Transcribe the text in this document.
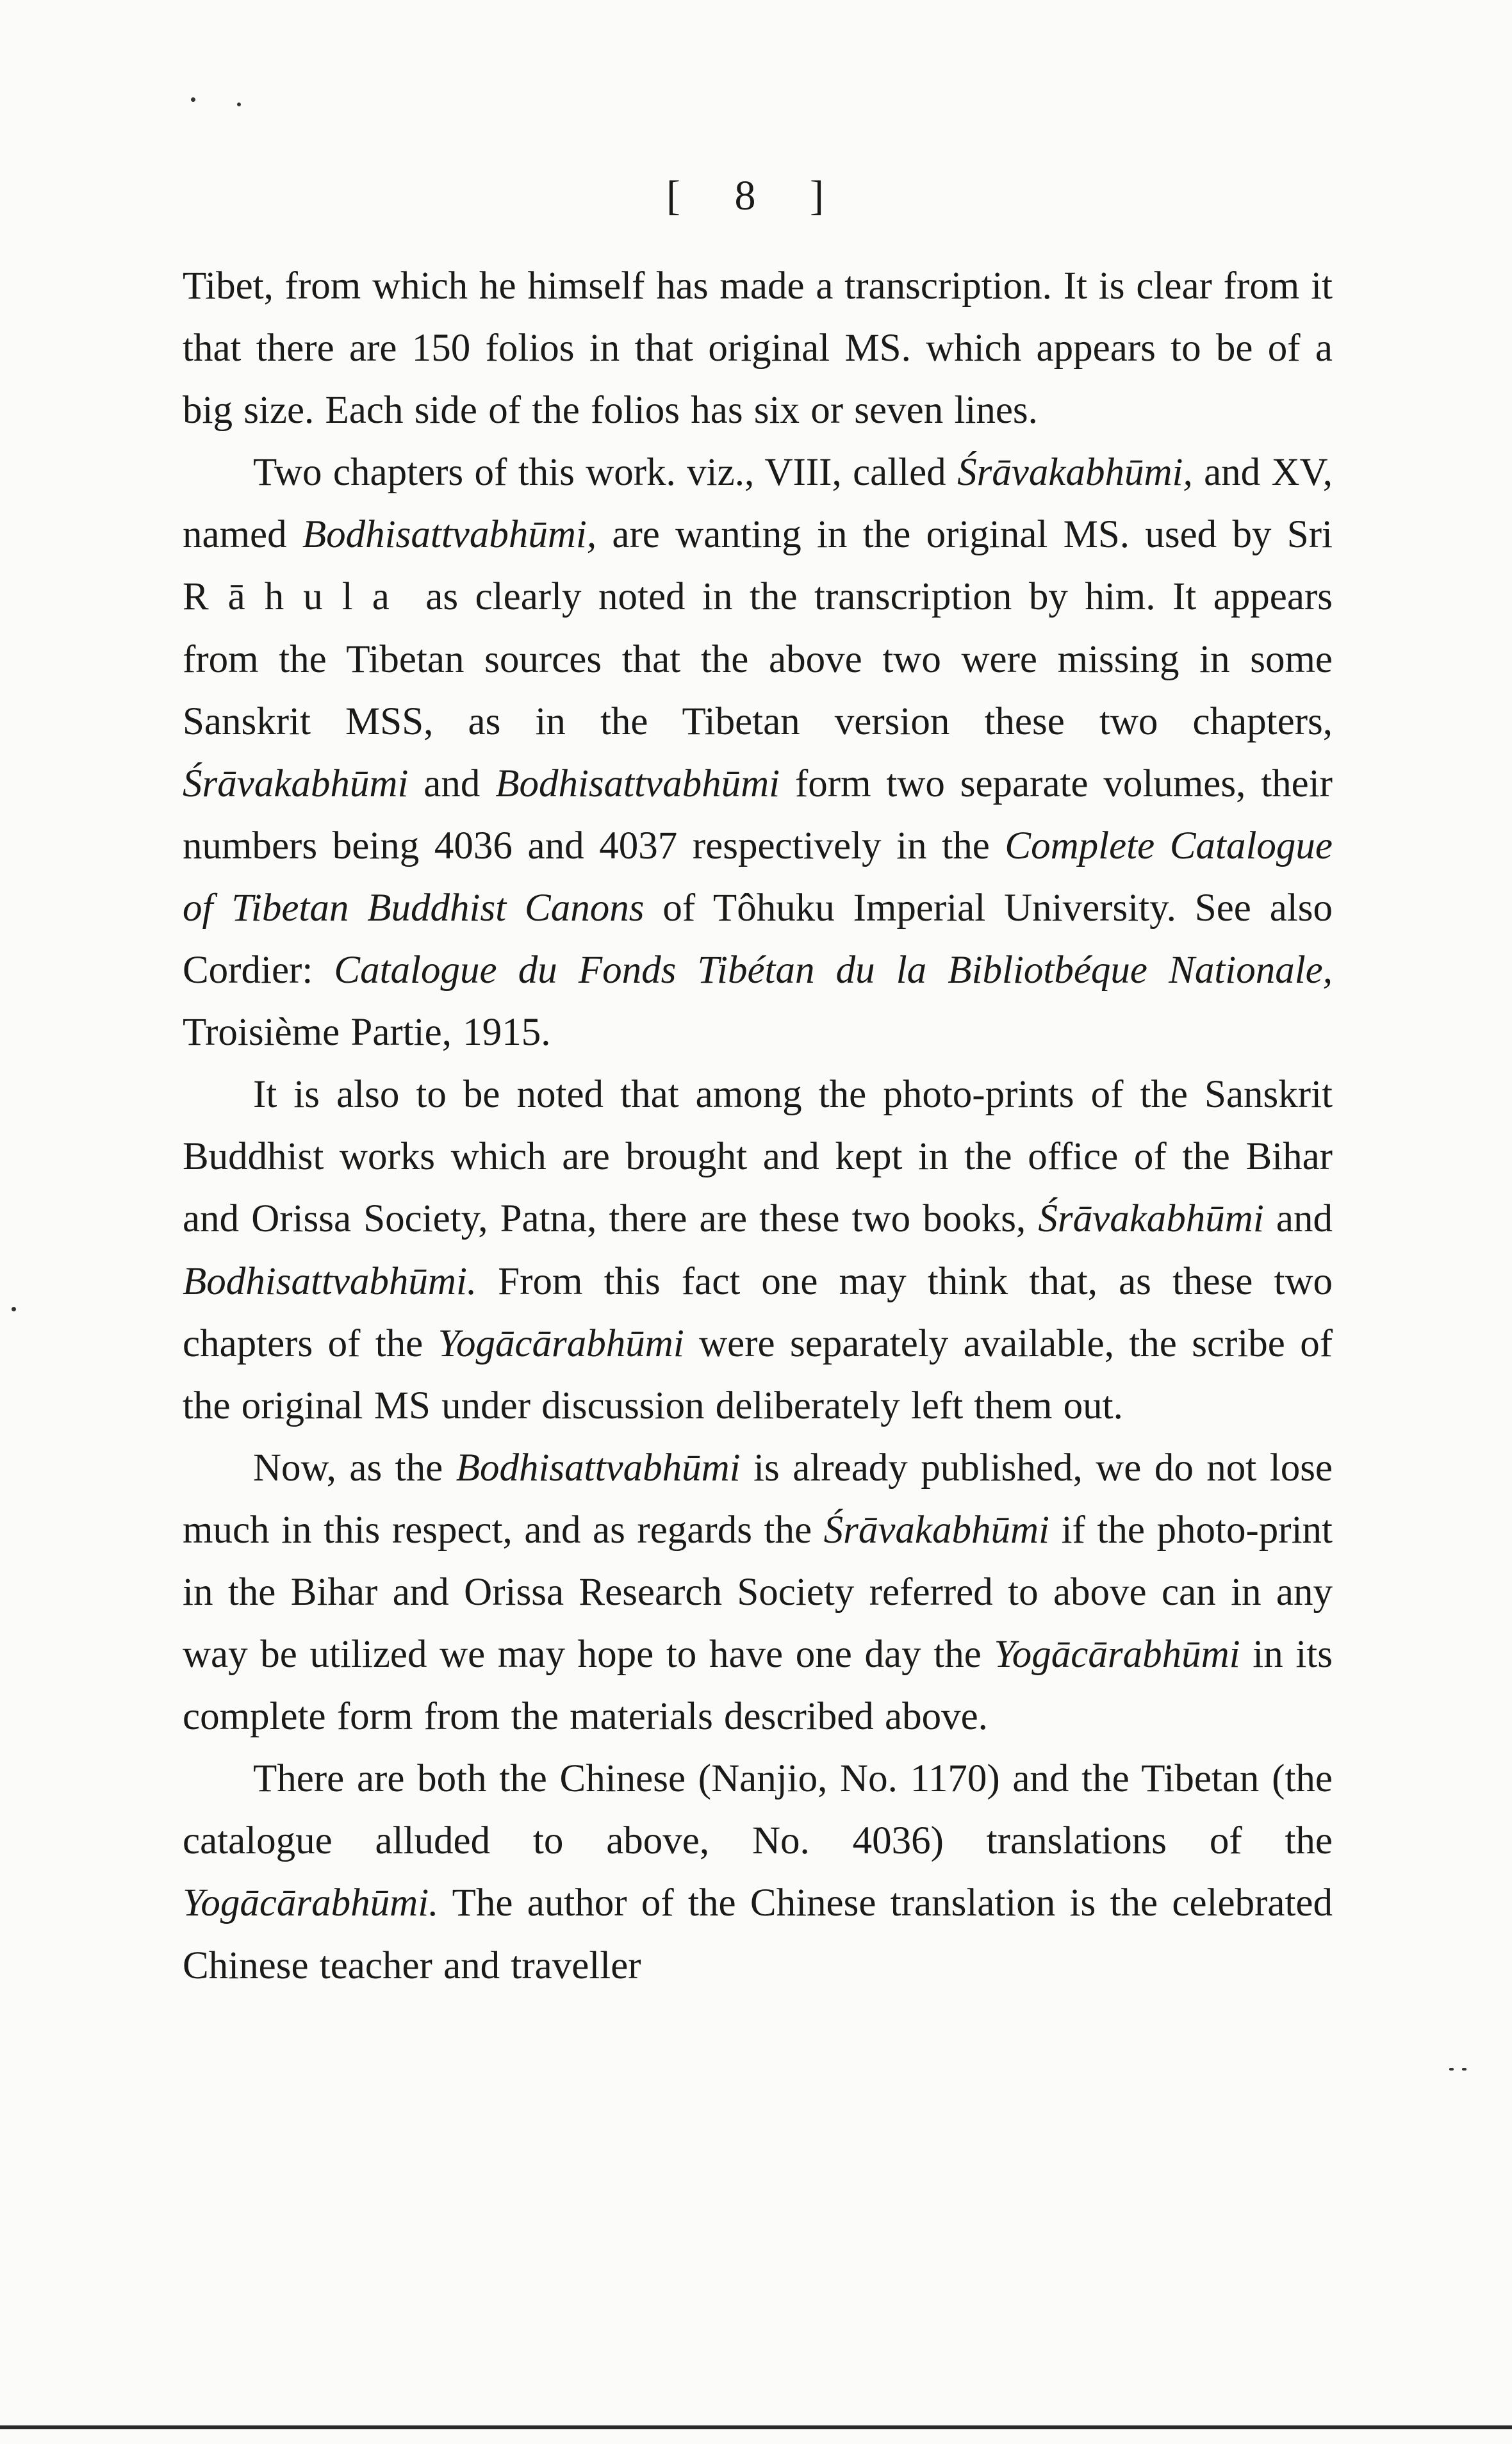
[ 8 ]

Tibet, from which he himself has made a transcription. It is clear from it that there are 150 folios in that original MS. which appears to be of a big size. Each side of the folios has six or seven lines.

Two chapters of this work. viz., VIII, called Śrāvakabhūmi, and XV, named Bodhisattvabhūmi, are wanting in the original MS. used by Sri Rāhula as clearly noted in the transcription by him. It appears from the Tibetan sources that the above two were missing in some Sanskrit MSS, as in the Tibetan version these two chapters, Śrāvakabhūmi and Bodhisattvabhūmi form two separate volumes, their numbers being 4036 and 4037 respectively in the Complete Catalogue of Tibetan Buddhist Canons of Tôhuku Imperial University. See also Cordier: Catalogue du Fonds Tibétan du la Bibliotbéque Nationale, Troisième Partie, 1915.

It is also to be noted that among the photo-prints of the Sanskrit Buddhist works which are brought and kept in the office of the Bihar and Orissa Society, Patna, there are these two books, Śrāvakabhūmi and Bodhisattvabhūmi. From this fact one may think that, as these two chapters of the Yogācārabhūmi were separately available, the scribe of the original MS under discussion deliberately left them out.

Now, as the Bodhisattvabhūmi is already published, we do not lose much in this respect, and as regards the Śrāvakabhūmi if the photo-print in the Bihar and Orissa Research Society referred to above can in any way be utilized we may hope to have one day the Yogācārabhūmi in its complete form from the materials described above.

There are both the Chinese (Nanjio, No. 1170) and the Tibetan (the catalogue alluded to above, No. 4036) translations of the Yogācārabhūmi. The author of the Chinese translation is the celebrated Chinese teacher and traveller
